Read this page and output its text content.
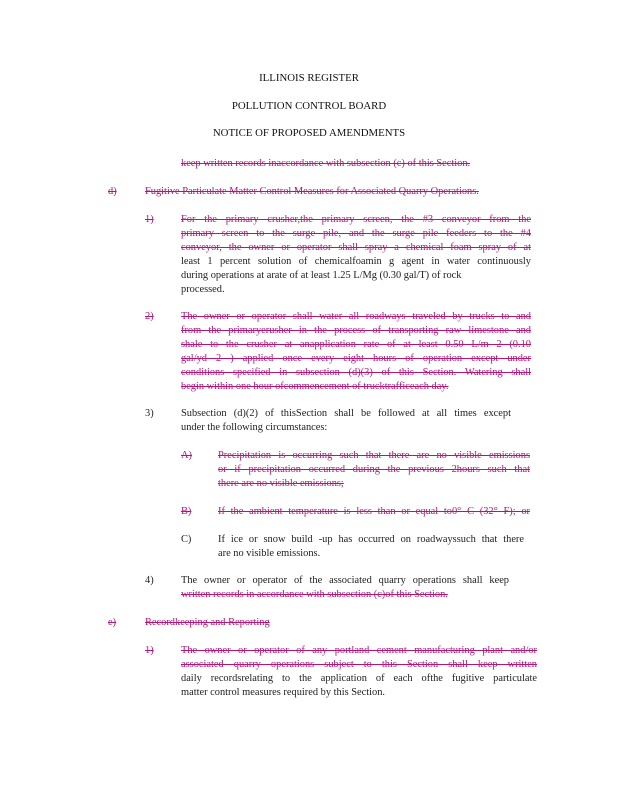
ILLINOIS REGISTER
POLLUTION CONTROL BOARD
NOTICE OF PROPOSED AMENDMENTS
keep written records inaccordance with subsection (c) of this Section.
d)	Fugitive Particulate Matter Control Measures for Associated Quarry Operations.
1)	For the primary crusher,the primary screen, the #3 conveyor from the
primary screen to the surge pile, and the surge pile feeders to the #4
conveyor, the owner or operator shall spray a chemical foam spray of at
least 1 percent solution of chemicalfoamin g agent in water continuously
during operations at arate of at least 1.25 L/Mg (0.30 gal/T) of rock
processed.
2)	The owner or operator shall water all roadways traveled by trucks to and
from the primaryerusher in the process of transporting raw limestone and
shale to the crusher at anapplication rate of at least 0.50 L/m 2 (0.10
gal/yd 2 ) applied once every eight hours of operation except under
conditions specified in subsection (d)(3) of this Section. Watering shall
begin within one hour ofcommencement of trucktrafficeach day.
3)	Subsection (d)(2) of thisSection shall be followed at all times except
under the following circumstances:
A)	Precipitation is occurring such that there are no visible emissions
or if precipitation occurred during the previous 2hours such that
there are no visible emissions;
B)	If the ambient temperature is less than or equal to0° C (32° F); or
C)	If ice or snow build -up has occurred on roadwayssuch that there
are no visible emissions.
4)	The owner or operator of the associated quarry operations shall keep
written records in accordance with subsection (c)of this Section.
e)	Recordkeeping and Reporting
1)	The owner or operator of any portland cement manufacturing plant and/or
associated quarry operations subject to this Section shall keep written
daily recordsrelating to the application of each ofthe fugitive particulate
matter control measures required by this Section.
